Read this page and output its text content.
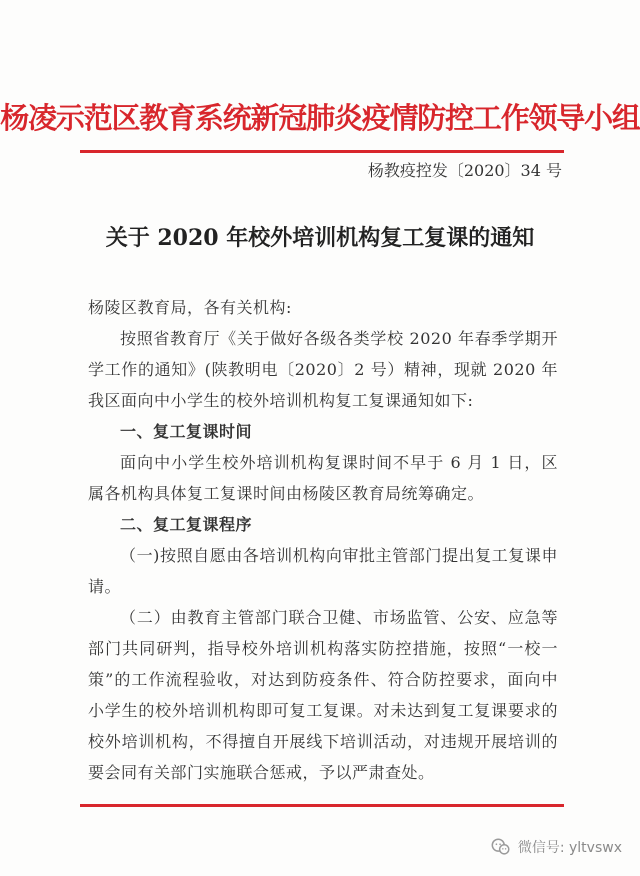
杨凌示范区教育系统新冠肺炎疫情防控工作领导小组
杨教疫控发〔2020〕34 号
关于 2020 年校外培训机构复工复课的通知

杨陵区教育局，各有关机构:

按照省教育厅《关于做好各级各类学校 2020 年春季学期开学工作的通知》(陕教明电〔2020〕2 号）精神，现就 2020 年我区面向中小学生的校外培训机构复工复课通知如下:

一、复工复课时间

面向中小学生校外培训机构复课时间不早于 6 月 1 日，区属各机构具体复工复课时间由杨陵区教育局统筹确定。

二、复工复课程序

（一)按照自愿由各培训机构向审批主管部门提出复工复课申请。

（二）由教育主管部门联合卫健、市场监管、公安、应急等部门共同研判，指导校外培训机构落实防控措施，按照“一校一策”的工作流程验收，对达到防疫条件、符合防控要求，面向中小学生的校外培训机构即可复工复课。对未达到复工复课要求的校外培训机构，不得擅自开展线下培训活动，对违规开展培训的要会同有关部门实施联合惩戒，予以严肃查处。

微信号: yltvswx
